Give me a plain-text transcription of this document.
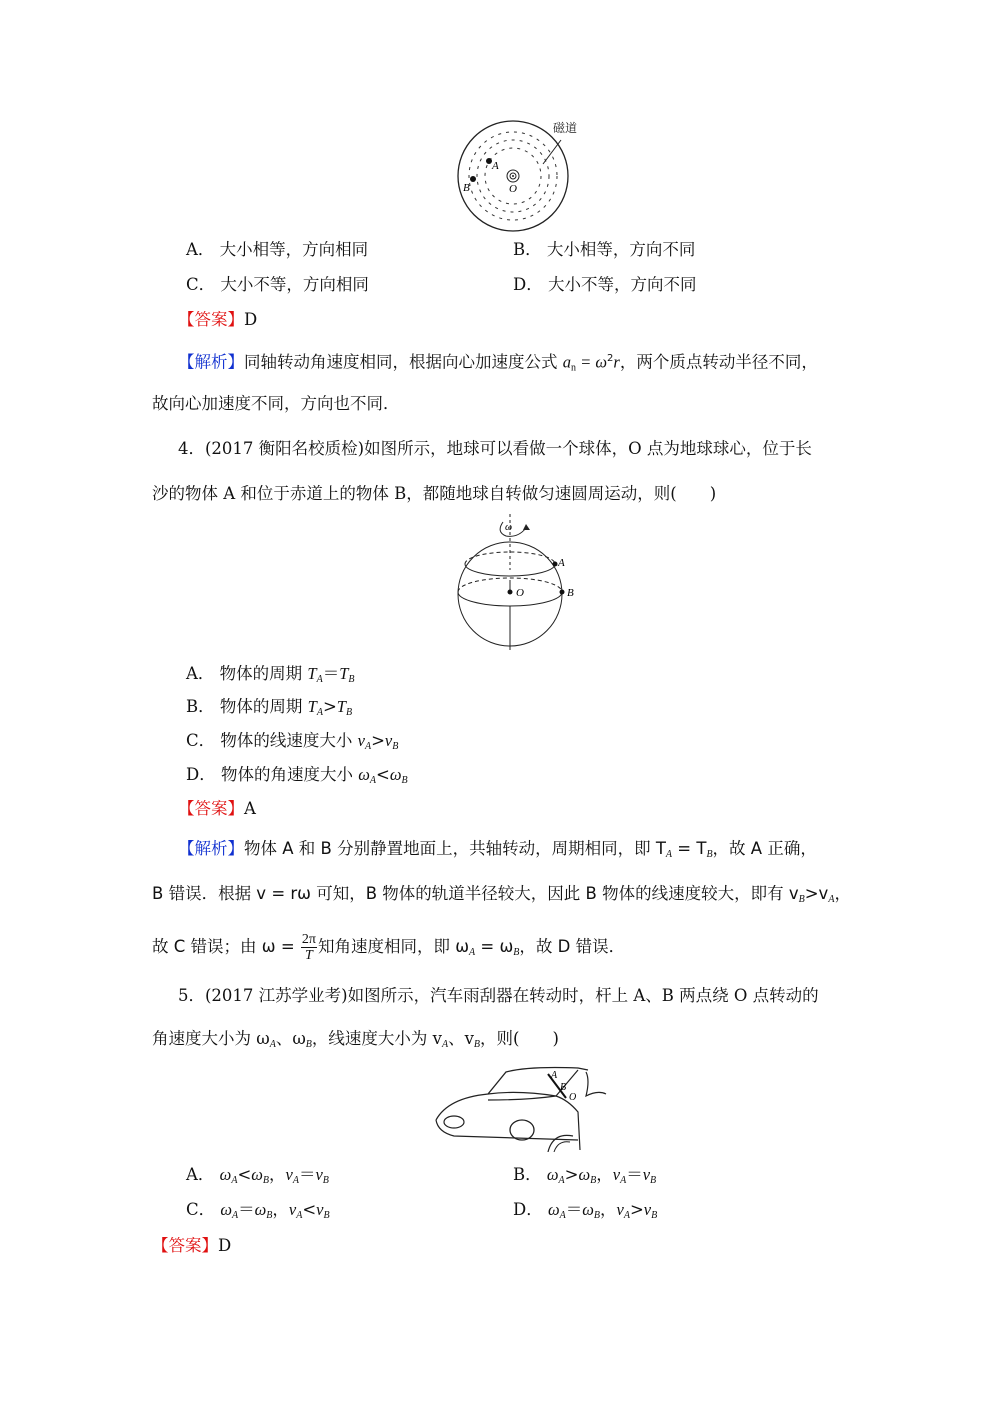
磁道
A
B	O
A． 大小相等，方向相同	B． 大小相等，方向不同
C． 大小不等，方向相同	D． 大小不等，方向不同
【答案】D
【解析】同轴转动角速度相同，根据向心加速度公式 $a_n = \omega^2r$，两个质点转动半径不同，
故向心加速度不同，方向也不同．
4．(2017 衡阳名校质检)如图所示，地球可以看做一个球体，O 点为地球球心，位于长
沙的物体 A 和位于赤道上的物体 B，都随地球自转做匀速圆周运动，则(　　)
ω
A
B
O
A． 物体的周期 $T_A=T_B$
B． 物体的周期 $T_A>T_B$
C． 物体的线速度大小 $v_A>v_B$
D． 物体的角速度大小 $\omega_A<\omega_B$
【答案】A
【解析】物体 A 和 B 分别静置地面上，共轴转动，周期相同，即 $T_A = T_B$，故 A 正确，
B 错误．根据 v = rω 可知，B 物体的轨道半径较大，因此 B 物体的线速度较大，即有 $v_B>v_A$，
故 C 错误；由 $\omega = \frac{2\pi}{T}$ 知角速度相同，即 $\omega_A = \omega_B$，故 D 错误．
5．(2017 江苏学业考)如图所示，汽车雨刮器在转动时，杆上 A、B 两点绕 O 点转动的
角速度大小为 $\omega_A$、$\omega_B$，线速度大小为 $v_A$、$v_B$，则(　　)
A
B
O
A． $\omega_A<\omega_B$，$v_A=v_B$	B． $\omega_A>\omega_B$，$v_A=v_B$
C． $\omega_A=\omega_B$，$v_A<v_B$	D． $\omega_A=\omega_B$，$v_A>v_B$
【答案】D
